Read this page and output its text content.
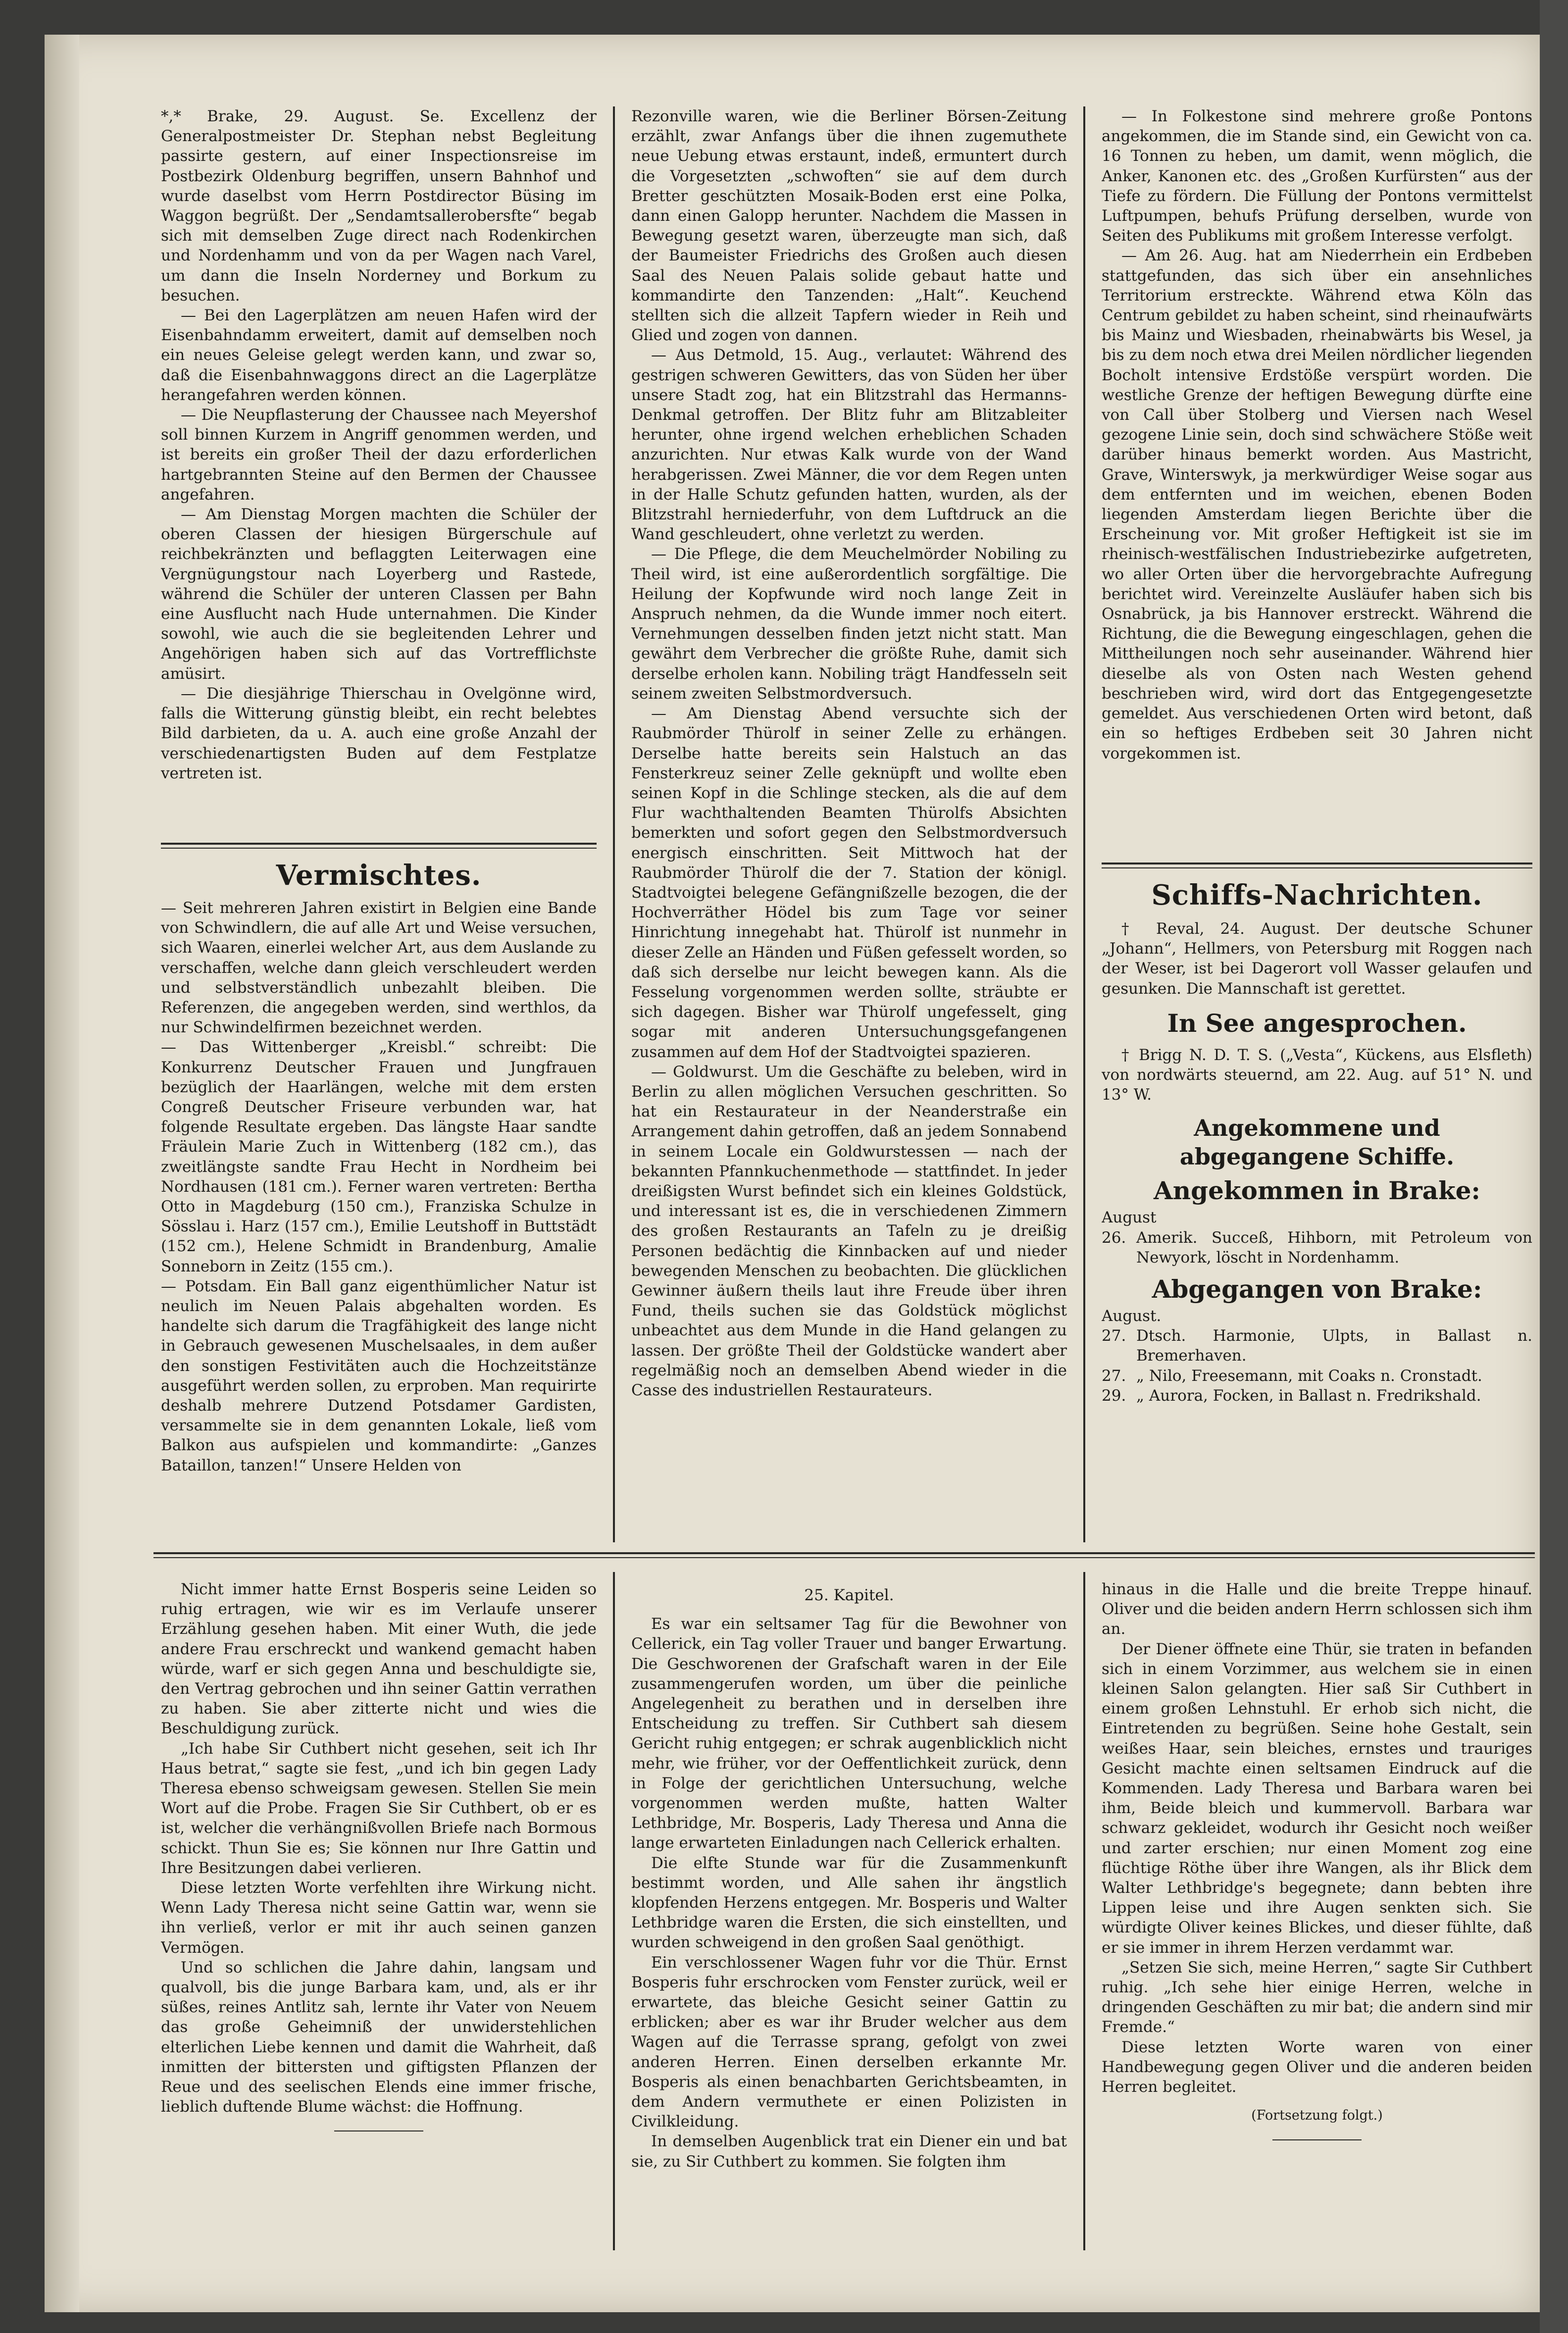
*,* Brake, 29. August. Se. Excellenz der Generalpostmeister Dr. Stephan nebst Begleitung passirte gestern, auf einer Inspectionsreise im Postbezirk Oldenburg begriffen, unsern Bahnhof und wurde daselbst vom Herrn Postdirector Büsing im Waggon begrüßt. Der „Sendamtsallerobersfte“ begab sich mit demselben Zuge direct nach Rodenkirchen und Nordenhamm und von da per Wagen nach Varel, um dann die Inseln Norderney und Borkum zu besuchen.

— Bei den Lagerplätzen am neuen Hafen wird der Eisenbahndamm erweitert, damit auf demselben noch ein neues Geleise gelegt werden kann, und zwar so, daß die Eisenbahnwaggons direct an die Lagerplätze herangefahren werden können.

— Die Neupflasterung der Chaussee nach Meyershof soll binnen Kurzem in Angriff genommen werden, und ist bereits ein großer Theil der dazu erforderlichen hartgebrannten Steine auf den Bermen der Chaussee angefahren.

— Am Dienstag Morgen machten die Schüler der oberen Classen der hiesigen Bürgerschule auf reichbekränzten und beflaggten Leiterwagen eine Vergnügungstour nach Loyerberg und Rastede, während die Schüler der unteren Classen per Bahn eine Ausflucht nach Hude unternahmen. Die Kinder sowohl, wie auch die sie begleitenden Lehrer und Angehörigen haben sich auf das Vortrefflichste amüsirt.

— Die diesjährige Thierschau in Ovelgönne wird, falls die Witterung günstig bleibt, ein recht belebtes Bild darbieten, da u. A. auch eine große Anzahl der verschiedenartigsten Buden auf dem Festplatze vertreten ist.

Vermischtes.

— Seit mehreren Jahren existirt in Belgien eine Bande von Schwindlern, die auf alle Art und Weise versuchen, sich Waaren, einerlei welcher Art, aus dem Auslande zu verschaffen, welche dann gleich verschleudert werden und selbstverständlich unbezahlt bleiben. Die Referenzen, die angegeben werden, sind werthlos, da nur Schwindelfirmen bezeichnet werden.

— Das Wittenberger „Kreisbl.“ schreibt: Die Konkurrenz Deutscher Frauen und Jungfrauen bezüglich der Haarlängen, welche mit dem ersten Congreß Deutscher Friseure verbunden war, hat folgende Resultate ergeben. Das längste Haar sandte Fräulein Marie Zuch in Wittenberg (182 cm.), das zweitlängste sandte Frau Hecht in Nordheim bei Nordhausen (181 cm.). Ferner waren vertreten: Bertha Otto in Magdeburg (150 cm.), Franziska Schulze in Sösslau i. Harz (157 cm.), Emilie Leutshoff in Buttstädt (152 cm.), Helene Schmidt in Brandenburg, Amalie Sonneborn in Zeitz (155 cm.).

— Potsdam. Ein Ball ganz eigenthümlicher Natur ist neulich im Neuen Palais abgehalten worden. Es handelte sich darum die Tragfähigkeit des lange nicht in Gebrauch gewesenen Muschelsaales, in dem außer den sonstigen Festivitäten auch die Hochzeitstänze ausgeführt werden sollen, zu erproben. Man requirirte deshalb mehrere Dutzend Potsdamer Gardisten, versammelte sie in dem genannten Lokale, ließ vom Balkon aus aufspielen und kommandirte: „Ganzes Bataillon, tanzen!“ Unsere Helden von

Rezonville waren, wie die Berliner Börsen-Zeitung erzählt, zwar Anfangs über die ihnen zugemuthete neue Uebung etwas erstaunt, indeß, ermuntert durch die Vorgesetzten „schwoften“ sie auf dem durch Bretter geschützten Mosaik-Boden erst eine Polka, dann einen Galopp herunter. Nachdem die Massen in Bewegung gesetzt waren, überzeugte man sich, daß der Baumeister Friedrichs des Großen auch diesen Saal des Neuen Palais solide gebaut hatte und kommandirte den Tanzenden: „Halt“. Keuchend stellten sich die allzeit Tapfern wieder in Reih und Glied und zogen von dannen.

— Aus Detmold, 15. Aug., verlautet: Während des gestrigen schweren Gewitters, das von Süden her über unsere Stadt zog, hat ein Blitzstrahl das Hermanns-Denkmal getroffen. Der Blitz fuhr am Blitzableiter herunter, ohne irgend welchen erheblichen Schaden anzurichten. Nur etwas Kalk wurde von der Wand herabgerissen. Zwei Männer, die vor dem Regen unten in der Halle Schutz gefunden hatten, wurden, als der Blitzstrahl herniederfuhr, von dem Luftdruck an die Wand geschleudert, ohne verletzt zu werden.

— Die Pflege, die dem Meuchelmörder Nobiling zu Theil wird, ist eine außerordentlich sorgfältige. Die Heilung der Kopfwunde wird noch lange Zeit in Anspruch nehmen, da die Wunde immer noch eitert. Vernehmungen desselben finden jetzt nicht statt. Man gewährt dem Verbrecher die größte Ruhe, damit sich derselbe erholen kann. Nobiling trägt Handfesseln seit seinem zweiten Selbstmordversuch.

— Am Dienstag Abend versuchte sich der Raubmörder Thürolf in seiner Zelle zu erhängen. Derselbe hatte bereits sein Halstuch an das Fensterkreuz seiner Zelle geknüpft und wollte eben seinen Kopf in die Schlinge stecken, als die auf dem Flur wachthaltenden Beamten Thürolfs Absichten bemerkten und sofort gegen den Selbstmordversuch energisch einschritten. Seit Mittwoch hat der Raubmörder Thürolf die der 7. Station der königl. Stadtvoigtei belegene Gefängnißzelle bezogen, die der Hochverräther Hödel bis zum Tage vor seiner Hinrichtung innegehabt hat. Thürolf ist nunmehr in dieser Zelle an Händen und Füßen gefesselt worden, so daß sich derselbe nur leicht bewegen kann. Als die Fesselung vorgenommen werden sollte, sträubte er sich dagegen. Bisher war Thürolf ungefesselt, ging sogar mit anderen Untersuchungsgefangenen zusammen auf dem Hof der Stadtvoigtei spazieren.

— Goldwurst. Um die Geschäfte zu beleben, wird in Berlin zu allen möglichen Versuchen geschritten. So hat ein Restaurateur in der Neanderstraße ein Arrangement dahin getroffen, daß an jedem Sonnabend in seinem Locale ein Goldwurstessen — nach der bekannten Pfannkuchenmethode — stattfindet. In jeder dreißigsten Wurst befindet sich ein kleines Goldstück, und interessant ist es, die in verschiedenen Zimmern des großen Restaurants an Tafeln zu je dreißig Personen bedächtig die Kinnbacken auf und nieder bewegenden Menschen zu beobachten. Die glücklichen Gewinner äußern theils laut ihre Freude über ihren Fund, theils suchen sie das Goldstück möglichst unbeachtet aus dem Munde in die Hand gelangen zu lassen. Der größte Theil der Goldstücke wandert aber regelmäßig noch an demselben Abend wieder in die Casse des industriellen Restaurateurs.

— In Folkestone sind mehrere große Pontons angekommen, die im Stande sind, ein Gewicht von ca. 16 Tonnen zu heben, um damit, wenn möglich, die Anker, Kanonen etc. des „Großen Kurfürsten“ aus der Tiefe zu fördern. Die Füllung der Pontons vermittelst Luftpumpen, behufs Prüfung derselben, wurde von Seiten des Publikums mit großem Interesse verfolgt.

— Am 26. Aug. hat am Niederrhein ein Erdbeben stattgefunden, das sich über ein ansehnliches Territorium erstreckte. Während etwa Köln das Centrum gebildet zu haben scheint, sind rheinaufwärts bis Mainz und Wiesbaden, rheinabwärts bis Wesel, ja bis zu dem noch etwa drei Meilen nördlicher liegenden Bocholt intensive Erdstöße verspürt worden. Die westliche Grenze der heftigen Bewegung dürfte eine von Call über Stolberg und Viersen nach Wesel gezogene Linie sein, doch sind schwächere Stöße weit darüber hinaus bemerkt worden. Aus Mastricht, Grave, Winterswyk, ja merkwürdiger Weise sogar aus dem entfernten und im weichen, ebenen Boden liegenden Amsterdam liegen Berichte über die Erscheinung vor. Mit großer Heftigkeit ist sie im rheinisch-westfälischen Industriebezirke aufgetreten, wo aller Orten über die hervorgebrachte Aufregung berichtet wird. Vereinzelte Ausläufer haben sich bis Osnabrück, ja bis Hannover erstreckt. Während die Richtung, die die Bewegung eingeschlagen, gehen die Mittheilungen noch sehr auseinander. Während hier dieselbe als von Osten nach Westen gehend beschrieben wird, wird dort das Entgegengesetzte gemeldet. Aus verschiedenen Orten wird betont, daß ein so heftiges Erdbeben seit 30 Jahren nicht vorgekommen ist.

Schiffs-Nachrichten.

† Reval, 24. August. Der deutsche Schuner „Johann“, Hellmers, von Petersburg mit Roggen nach der Weser, ist bei Dagerort voll Wasser gelaufen und gesunken. Die Mannschaft ist gerettet.

In See angesprochen.

† Brigg N. D. T. S. („Vesta“, Kückens, aus Elsfleth) von nordwärts steuernd, am 22. Aug. auf 51° N. und 13° W.

Angekommene und
abgegangene Schiffe.
Angekommen in Brake:
August
26. Amerik. Succeß, Hihborn, mit Petroleum von Newyork, löscht in Nordenhamm.
Abgegangen von Brake:
August.
27. Dtsch. Harmonie, Ulpts, in Ballast n. Bremerhaven.
27. „ Nilo, Freesemann, mit Coaks n. Cronstadt.
29. „ Aurora, Focken, in Ballast n. Fredrikshald.

Nicht immer hatte Ernst Bosperis seine Leiden so ruhig ertragen, wie wir es im Verlaufe unserer Erzählung gesehen haben. Mit einer Wuth, die jede andere Frau erschreckt und wankend gemacht haben würde, warf er sich gegen Anna und beschuldigte sie, den Vertrag gebrochen und ihn seiner Gattin verrathen zu haben. Sie aber zitterte nicht und wies die Beschuldigung zurück.

„Ich habe Sir Cuthbert nicht gesehen, seit ich Ihr Haus betrat,“ sagte sie fest, „und ich bin gegen Lady Theresa ebenso schweigsam gewesen. Stellen Sie mein Wort auf die Probe. Fragen Sie Sir Cuthbert, ob er es ist, welcher die verhängnißvollen Briefe nach Bormous schickt. Thun Sie es; Sie können nur Ihre Gattin und Ihre Besitzungen dabei verlieren.

Diese letzten Worte verfehlten ihre Wirkung nicht. Wenn Lady Theresa nicht seine Gattin war, wenn sie ihn verließ, verlor er mit ihr auch seinen ganzen Vermögen.

Und so schlichen die Jahre dahin, langsam und qualvoll, bis die junge Barbara kam, und, als er ihr süßes, reines Antlitz sah, lernte ihr Vater von Neuem das große Geheimniß der unwiderstehlichen elterlichen Liebe kennen und damit die Wahrheit, daß inmitten der bittersten und giftigsten Pflanzen der Reue und des seelischen Elends eine immer frische, lieblich duftende Blume wächst: die Hoffnung.

25. Kapitel.

Es war ein seltsamer Tag für die Bewohner von Cellerick, ein Tag voller Trauer und banger Erwartung. Die Geschworenen der Grafschaft waren in der Eile zusammengerufen worden, um über die peinliche Angelegenheit zu berathen und in derselben ihre Entscheidung zu treffen. Sir Cuthbert sah diesem Gericht ruhig entgegen; er schrak augenblicklich nicht mehr, wie früher, vor der Oeffentlichkeit zurück, denn in Folge der gerichtlichen Untersuchung, welche vorgenommen werden mußte, hatten Walter Lethbridge, Mr. Bosperis, Lady Theresa und Anna die lange erwarteten Einladungen nach Cellerick erhalten.

Die elfte Stunde war für die Zusammenkunft bestimmt worden, und Alle sahen ihr ängstlich klopfenden Herzens entgegen. Mr. Bosperis und Walter Lethbridge waren die Ersten, die sich einstellten, und wurden schweigend in den großen Saal genöthigt.

Ein verschlossener Wagen fuhr vor die Thür. Ernst Bosperis fuhr erschrocken vom Fenster zurück, weil er erwartete, das bleiche Gesicht seiner Gattin zu erblicken; aber es war ihr Bruder welcher aus dem Wagen auf die Terrasse sprang, gefolgt von zwei anderen Herren. Einen derselben erkannte Mr. Bosperis als einen benachbarten Gerichtsbeamten, in dem Andern vermuthete er einen Polizisten in Civilkleidung.

In demselben Augenblick trat ein Diener ein und bat sie, zu Sir Cuthbert zu kommen. Sie folgten ihm

hinaus in die Halle und die breite Treppe hinauf. Oliver und die beiden andern Herrn schlossen sich ihm an.

Der Diener öffnete eine Thür, sie traten in befanden sich in einem Vorzimmer, aus welchem sie in einen kleinen Salon gelangten. Hier saß Sir Cuthbert in einem großen Lehnstuhl. Er erhob sich nicht, die Eintretenden zu begrüßen. Seine hohe Gestalt, sein weißes Haar, sein bleiches, ernstes und trauriges Gesicht machte einen seltsamen Eindruck auf die Kommenden. Lady Theresa und Barbara waren bei ihm, Beide bleich und kummervoll. Barbara war schwarz gekleidet, wodurch ihr Gesicht noch weißer und zarter erschien; nur einen Moment zog eine flüchtige Röthe über ihre Wangen, als ihr Blick dem Walter Lethbridge's begegnete; dann bebten ihre Lippen leise und ihre Augen senkten sich. Sie würdigte Oliver keines Blickes, und dieser fühlte, daß er sie immer in ihrem Herzen verdammt war.

„Setzen Sie sich, meine Herren,“ sagte Sir Cuthbert ruhig. „Ich sehe hier einige Herren, welche in dringenden Geschäften zu mir bat; die andern sind mir Fremde.“

Diese letzten Worte waren von einer Handbewegung gegen Oliver und die anderen beiden Herren begleitet.

(Fortsetzung folgt.)
